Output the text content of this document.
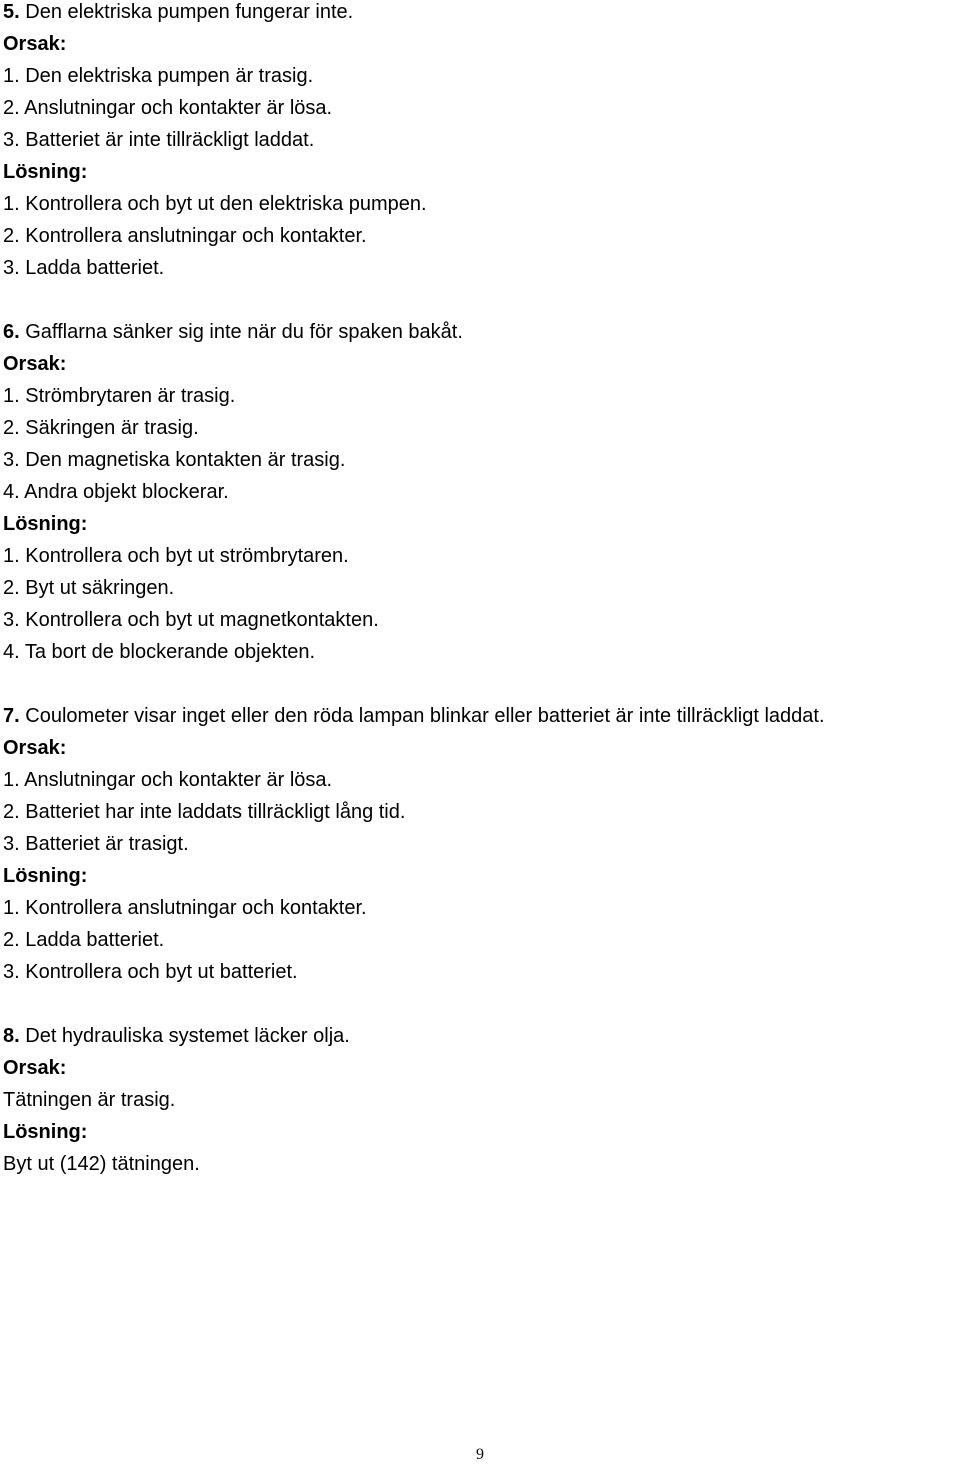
5. Den elektriska pumpen fungerar inte.

Orsak:

1. Den elektriska pumpen är trasig.

2. Anslutningar och kontakter är lösa.

3. Batteriet är inte tillräckligt laddat.

Lösning:

1. Kontrollera och byt ut den elektriska pumpen.

2. Kontrollera anslutningar och kontakter.

3. Ladda batteriet.

6. Gafflarna sänker sig inte när du för spaken bakåt.

Orsak:

1. Strömbrytaren är trasig.

2. Säkringen är trasig.

3. Den magnetiska kontakten är trasig.

4. Andra objekt blockerar.

Lösning:

1. Kontrollera och byt ut strömbrytaren.

2. Byt ut säkringen.

3. Kontrollera och byt ut magnetkontakten.

4. Ta bort de blockerande objekten.

7. Coulometer visar inget eller den röda lampan blinkar eller batteriet är inte tillräckligt laddat.

Orsak:

1. Anslutningar och kontakter är lösa.

2. Batteriet har inte laddats tillräckligt lång tid.

3. Batteriet är trasigt.

Lösning:

1. Kontrollera anslutningar och kontakter.

2. Ladda batteriet.

3. Kontrollera och byt ut batteriet.

8. Det hydrauliska systemet läcker olja.

Orsak:

Tätningen är trasig.

Lösning:

Byt ut (142) tätningen.

9
